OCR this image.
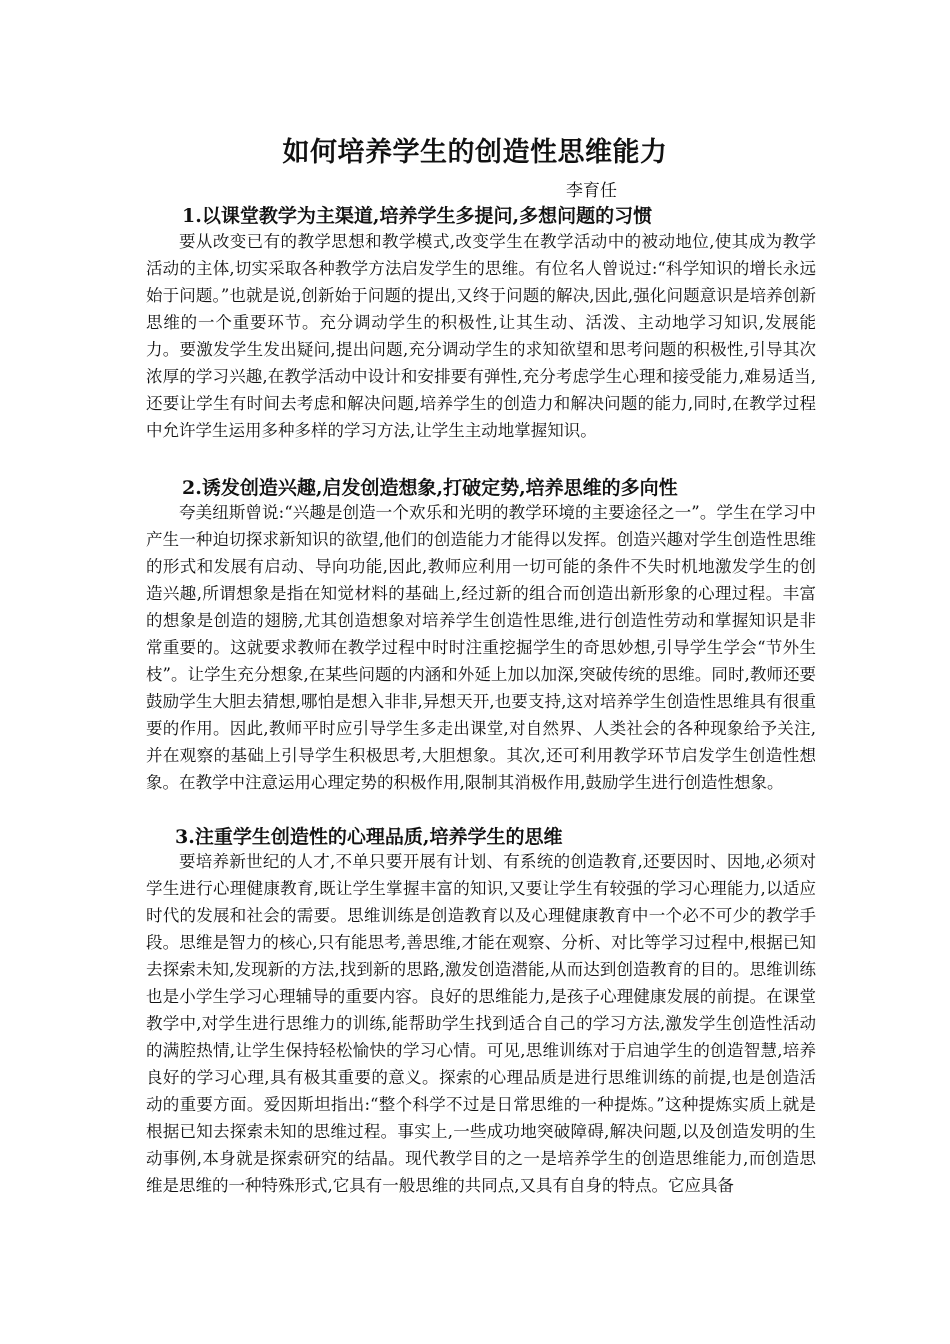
如何培养学生的创造性思维能力
李育任
1.以课堂教学为主渠道,培养学生多提问,多想问题的习惯

要从改变已有的教学思想和教学模式,改变学生在教学活动中的被动地位,使其成为教学活动的主体,切实采取各种教学方法启发学生的思维。有位名人曾说过:“科学知识的增长永远始于问题。”也就是说,创新始于问题的提出,又终于问题的解决,因此,强化问题意识是培养创新思维的一个重要环节。充分调动学生的积极性,让其生动、活泼、主动地学习知识,发展能力。要激发学生发出疑问,提出问题,充分调动学生的求知欲望和思考问题的积极性,引导其次浓厚的学习兴趣,在教学活动中设计和安排要有弹性,充分考虑学生心理和接受能力,难易适当,还要让学生有时间去考虑和解决问题,培养学生的创造力和解决问题的能力,同时,在教学过程中允许学生运用多种多样的学习方法,让学生主动地掌握知识。

2.诱发创造兴趣,启发创造想象,打破定势,培养思维的多向性

夸美纽斯曾说:“兴趣是创造一个欢乐和光明的教学环境的主要途径之一”。学生在学习中产生一种迫切探求新知识的欲望,他们的创造能力才能得以发挥。创造兴趣对学生创造性思维的形式和发展有启动、导向功能,因此,教师应利用一切可能的条件不失时机地激发学生的创造兴趣,所谓想象是指在知觉材料的基础上,经过新的组合而创造出新形象的心理过程。丰富的想象是创造的翅膀,尤其创造想象对培养学生创造性思维,进行创造性劳动和掌握知识是非常重要的。这就要求教师在教学过程中时时注重挖掘学生的奇思妙想,引导学生学会“节外生枝”。让学生充分想象,在某些问题的内涵和外延上加以加深,突破传统的思维。同时,教师还要鼓励学生大胆去猜想,哪怕是想入非非,异想天开,也要支持,这对培养学生创造性思维具有很重要的作用。因此,教师平时应引导学生多走出课堂,对自然界、人类社会的各种现象给予关注,并在观察的基础上引导学生积极思考,大胆想象。其次,还可利用教学环节启发学生创造性想象。在教学中注意运用心理定势的积极作用,限制其消极作用,鼓励学生进行创造性想象。

3.注重学生创造性的心理品质,培养学生的思维

要培养新世纪的人才,不单只要开展有计划、有系统的创造教育,还要因时、因地,必须对学生进行心理健康教育,既让学生掌握丰富的知识,又要让学生有较强的学习心理能力,以适应时代的发展和社会的需要。思维训练是创造教育以及心理健康教育中一个必不可少的教学手段。思维是智力的核心,只有能思考,善思维,才能在观察、分析、对比等学习过程中,根据已知去探索未知,发现新的方法,找到新的思路,激发创造潜能,从而达到创造教育的目的。思维训练也是小学生学习心理辅导的重要内容。良好的思维能力,是孩子心理健康发展的前提。在课堂教学中,对学生进行思维力的训练,能帮助学生找到适合自己的学习方法,激发学生创造性活动的满腔热情,让学生保持轻松愉快的学习心情。可见,思维训练对于启迪学生的创造智慧,培养良好的学习心理,具有极其重要的意义。探索的心理品质是进行思维训练的前提,也是创造活动的重要方面。爱因斯坦指出:“整个科学不过是日常思维的一种提炼。”这种提炼实质上就是根据已知去探索未知的思维过程。事实上,一些成功地突破障碍,解决问题,以及创造发明的生动事例,本身就是探索研究的结晶。现代教学目的之一是培养学生的创造思维能力,而创造思维是思维的一种特殊形式,它具有一般思维的共同点,又具有自身的特点。它应具备
